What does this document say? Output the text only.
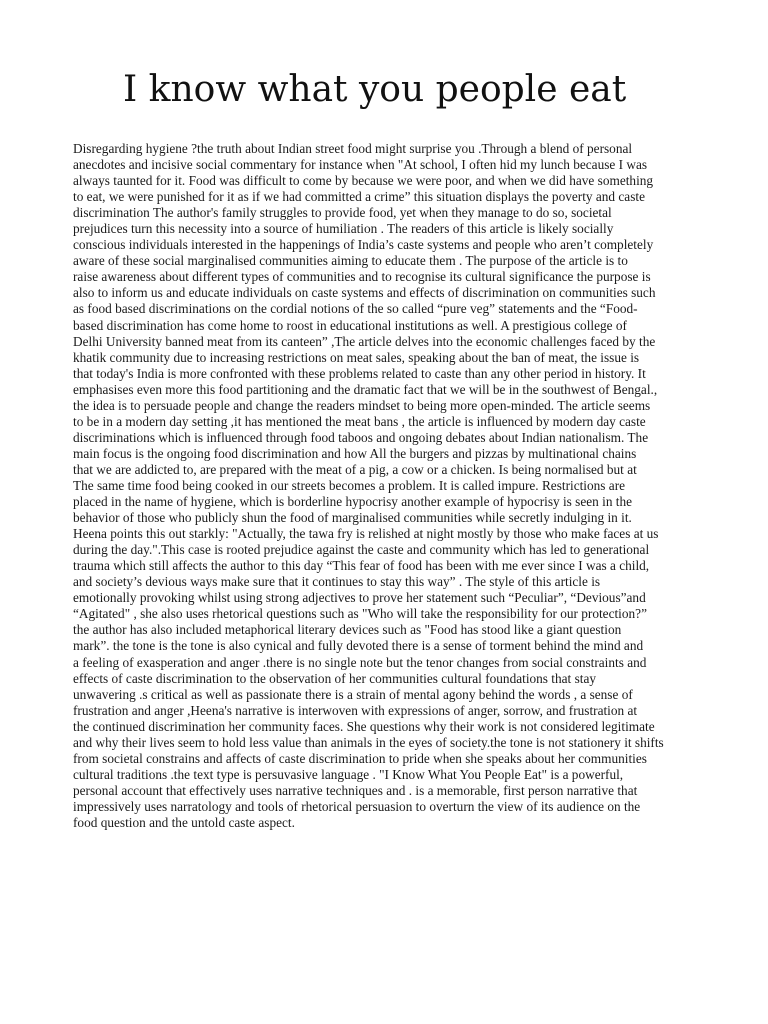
I know what you people eat
Disregarding hygiene ?the truth about Indian street food might surprise you .Through a blend of personal
anecdotes and incisive social commentary for instance when "At school, I often hid my lunch because I was
always taunted for it. Food was difficult to come by because we were poor, and when we did have something
to eat, we were punished for it as if we had committed a crime” this situation displays the poverty and caste
discrimination The author's family struggles to provide food, yet when they manage to do so, societal
prejudices turn this necessity into a source of humiliation . The readers of this article is likely socially
conscious individuals interested in the happenings of India’s caste systems and people who aren’t completely
aware of these social marginalised communities aiming to educate them . The purpose of the article is to
raise awareness about different types of communities and to recognise its cultural significance the purpose is
also to inform us and educate individuals on caste systems and effects of discrimination on communities such
as food based discriminations on the cordial notions of the so called “pure veg” statements and the “Food-
based discrimination has come home to roost in educational institutions as well. A prestigious college of
Delhi University banned meat from its canteen” ,The article delves into the economic challenges faced by the
khatik community due to increasing restrictions on meat sales, speaking about the ban of meat, the issue is
that today's India is more confronted with these problems related to caste than any other period in history. It
emphasises even more this food partitioning and the dramatic fact that we will be in the southwest of Bengal.,
the idea is to persuade people and change the readers mindset to being more open-minded. The article seems
to be in a modern day setting ,it has mentioned the meat bans , the article is influenced by modern day caste
discriminations which is influenced through food taboos and ongoing debates about Indian nationalism. The
main focus is the ongoing food discrimination and how All the burgers and pizzas by multinational chains
that we are addicted to, are prepared with the meat of a pig, a cow or a chicken. Is being normalised but at
The same time food being cooked in our streets becomes a problem. It is called impure. Restrictions are
placed in the name of hygiene, which is borderline hypocrisy another example of hypocrisy is seen in the
behavior of those who publicly shun the food of marginalised communities while secretly indulging in it.
Heena points this out starkly: "Actually, the tawa fry is relished at night mostly by those who make faces at us
during the day.".This case is rooted prejudice against the caste and community which has led to generational
trauma which still affects the author to this day “This fear of food has been with me ever since I was a child,
and society’s devious ways make sure that it continues to stay this way” . The style of this article is
emotionally provoking whilst using strong adjectives to prove her statement such “Peculiar”, “Devious”and
“Agitated" , she also uses rhetorical questions such as "Who will take the responsibility for our protection?”
the author has also included metaphorical literary devices such as "Food has stood like a giant question
mark”. the tone is the tone is also cynical and fully devoted there is a sense of torment behind the mind and
a feeling of exasperation and anger .there is no single note but the tenor changes from social constraints and
effects of caste discrimination to the observation of her communities cultural foundations that stay
unwavering .s critical as well as passionate there is a strain of mental agony behind the words , a sense of
frustration and anger ,Heena's narrative is interwoven with expressions of anger, sorrow, and frustration at
the continued discrimination her community faces. She questions why their work is not considered legitimate
and why their lives seem to hold less value than animals in the eyes of society.the tone is not stationery it shifts
from societal constrains and affects of caste discrimination to pride when she speaks about her communities
cultural traditions .the text type is persuvasive language . "I Know What You People Eat" is a powerful,
personal account that effectively uses narrative techniques and . is a memorable, first person narrative that
impressively uses narratology and tools of rhetorical persuasion to overturn the view of its audience on the
food question and the untold caste aspect.
